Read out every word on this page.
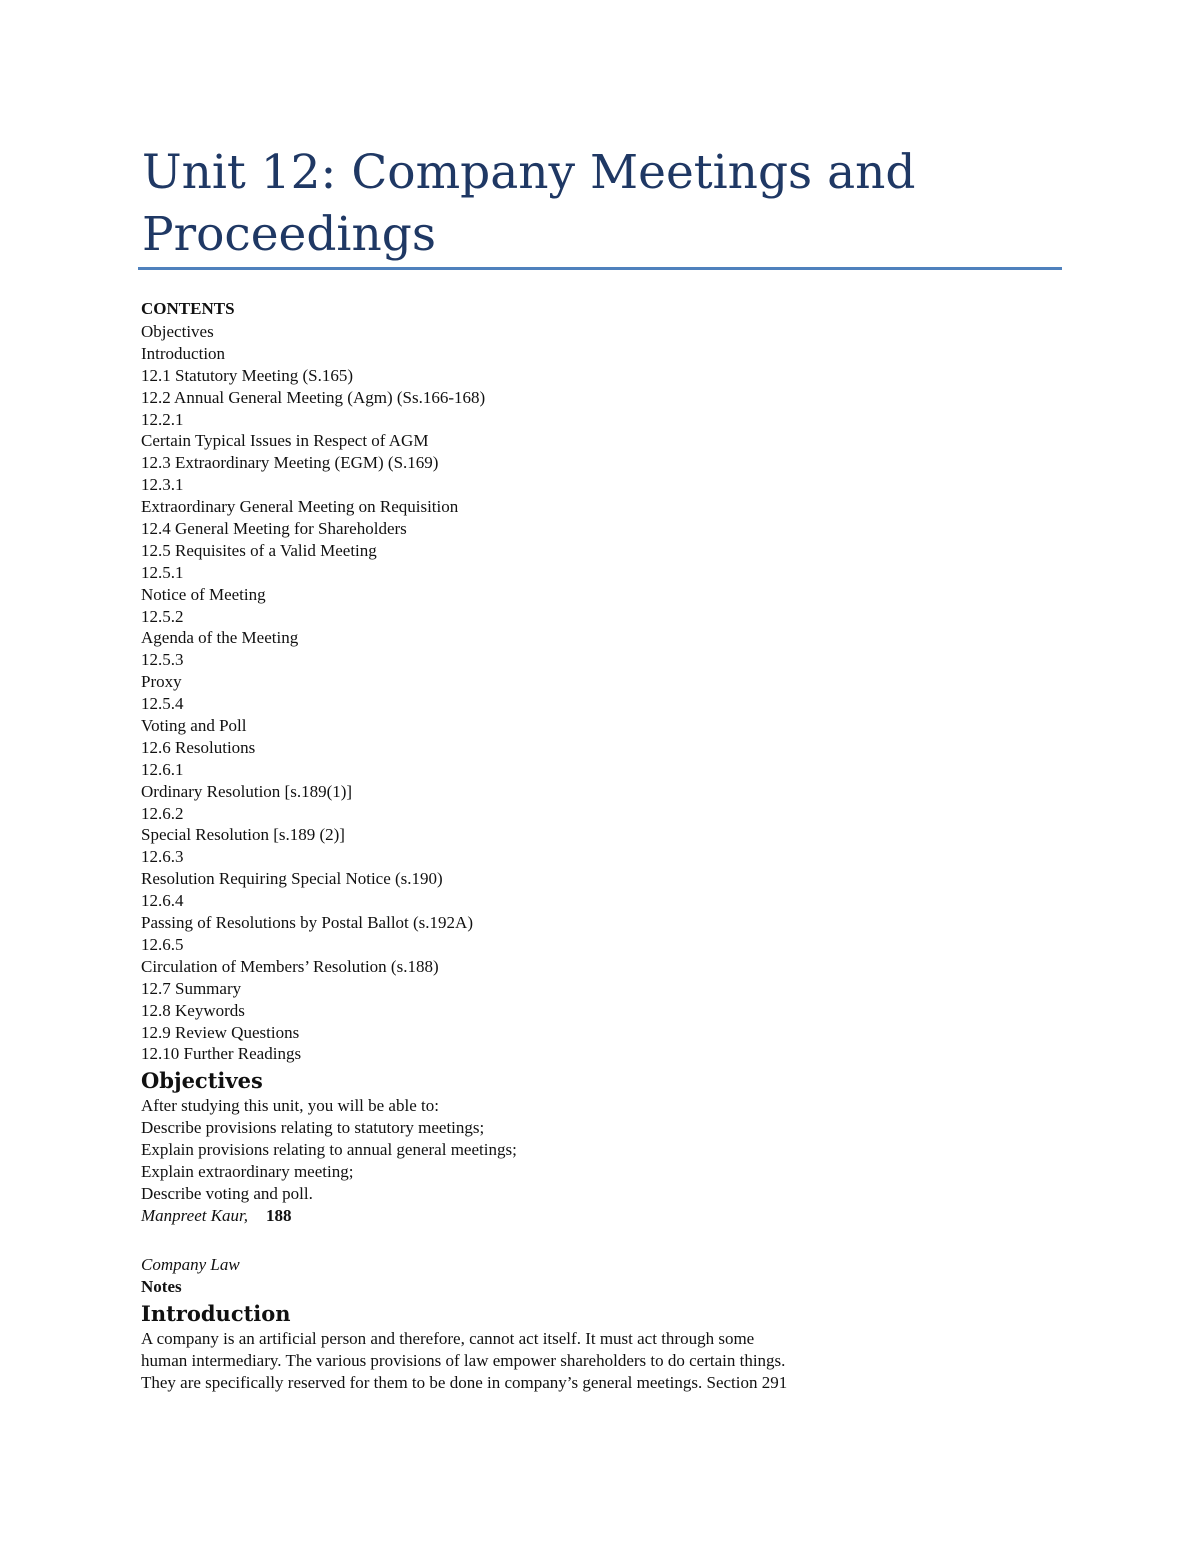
Unit 12: Company Meetings and Proceedings
CONTENTS
Objectives
Introduction
12.1 Statutory Meeting (S.165)
12.2 Annual General Meeting (Agm) (Ss.166-168)
12.2.1
Certain Typical Issues in Respect of AGM
12.3 Extraordinary Meeting (EGM) (S.169)
12.3.1
Extraordinary General Meeting on Requisition
12.4 General Meeting for Shareholders
12.5 Requisites of a Valid Meeting
12.5.1
Notice of Meeting
12.5.2
Agenda of the Meeting
12.5.3
Proxy
12.5.4
Voting and Poll
12.6 Resolutions
12.6.1
Ordinary Resolution [s.189(1)]
12.6.2
Special Resolution [s.189 (2)]
12.6.3
Resolution Requiring Special Notice (s.190)
12.6.4
Passing of Resolutions by Postal Ballot (s.192A)
12.6.5
Circulation of Members’ Resolution (s.188)
12.7 Summary
12.8 Keywords
12.9 Review Questions
12.10 Further Readings
Objectives
After studying this unit, you will be able to:
Describe provisions relating to statutory meetings;
Explain provisions relating to annual general meetings;
Explain extraordinary meeting;
Describe voting and poll.
Manpreet Kaur, 188
Company Law
Notes
Introduction
A company is an artificial person and therefore, cannot act itself. It must act through some
human intermediary. The various provisions of law empower shareholders to do certain things.
They are specifically reserved for them to be done in company’s general meetings. Section 291
